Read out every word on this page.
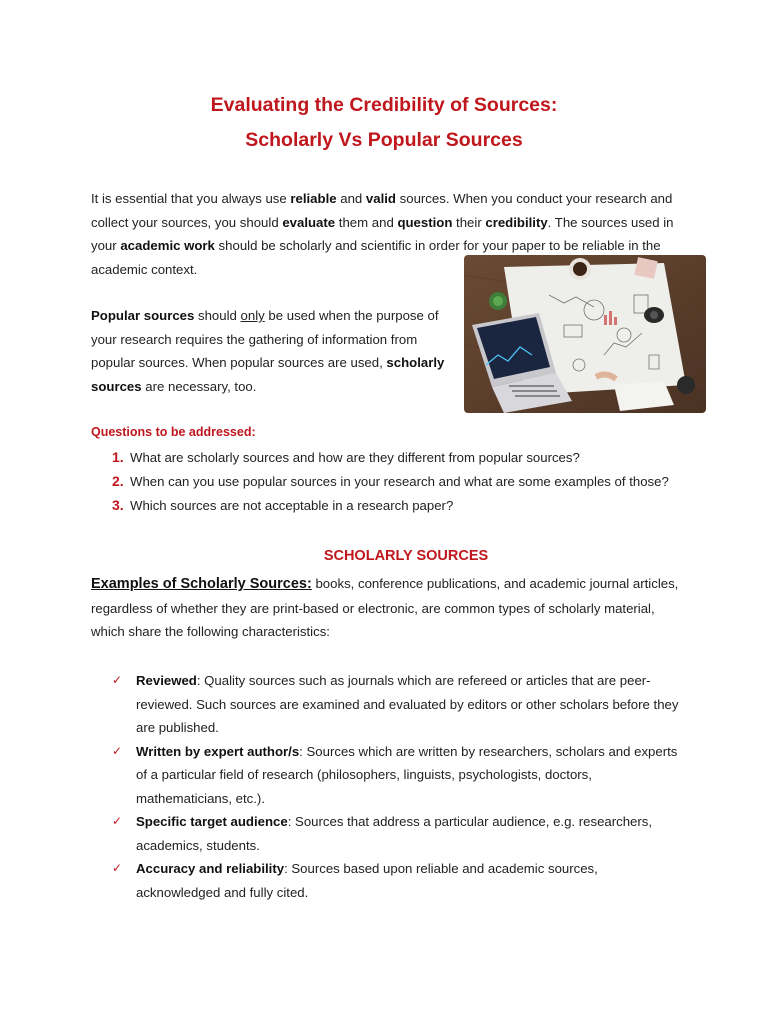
Evaluating the Credibility of Sources:
Scholarly Vs Popular Sources
It is essential that you always use reliable and valid sources. When you conduct your research and collect your sources, you should evaluate them and question their credibility. The sources used in your academic work should be scholarly and scientific in order for your paper to be reliable in the academic context.
Popular sources should only be used when the purpose of your research requires the gathering of information from popular sources. When popular sources are used, scholarly sources are necessary, too.
Questions to be addressed:
1. What are scholarly sources and how are they different from popular sources?
2. When can you use popular sources in your research and what are some examples of those?
3. Which sources are not acceptable in a research paper?
SCHOLARLY SOURCES
Examples of Scholarly Sources: books, conference publications, and academic journal articles, regardless of whether they are print-based or electronic, are common types of scholarly material, which share the following characteristics:
✓ Reviewed: Quality sources such as journals which are refereed or articles that are peer-reviewed. Such sources are examined and evaluated by editors or other scholars before they are published.
✓ Written by expert author/s: Sources which are written by researchers, scholars and experts of a particular field of research (philosophers, linguists, psychologists, doctors, mathematicians, etc.).
✓ Specific target audience: Sources that address a particular audience, e.g. researchers, academics, students.
✓ Accuracy and reliability: Sources based upon reliable and academic sources, acknowledged and fully cited.
